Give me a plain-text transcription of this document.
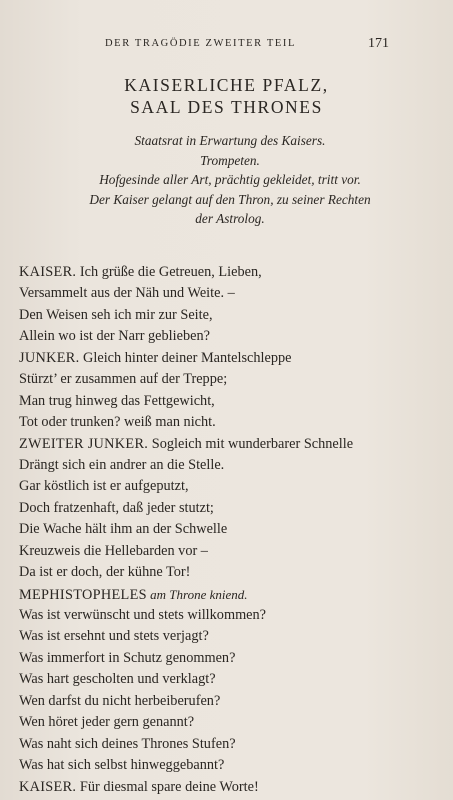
DER TRAGÖDIE ZWEITER TEIL	171
KAISERLICHE PFALZ,
SAAL DES THRONES
Staatsrat in Erwartung des Kaisers.
Trompeten.
Hofgesinde aller Art, prächtig gekleidet, tritt vor.
Der Kaiser gelangt auf den Thron, zu seiner Rechten
der Astrolog.
KAISER. Ich grüße die Getreuen, Lieben,
Versammelt aus der Näh und Weite. –
Den Weisen seh ich mir zur Seite,
Allein wo ist der Narr geblieben?
JUNKER. Gleich hinter deiner Mantelschleppe
Stürzt’ er zusammen auf der Treppe;
Man trug hinweg das Fettgewicht,
Tot oder trunken? weiß man nicht.
ZWEITER JUNKER. Sogleich mit wunderbarer Schnelle
Drängt sich ein andrer an die Stelle.
Gar köstlich ist er aufgeputzt,
Doch fratzenhaft, daß jeder stutzt;
Die Wache hält ihm an der Schwelle
Kreuzweis die Hellebarden vor –
Da ist er doch, der kühne Tor!
MEPHISTOPHELES am Throne kniend.
Was ist verwünscht und stets willkommen?
Was ist ersehnt und stets verjagt?
Was immerfort in Schutz genommen?
Was hart gescholten und verklagt?
Wen darfst du nicht herbeiberufen?
Wen höret jeder gern genannt?
Was naht sich deines Thrones Stufen?
Was hat sich selbst hinweggebannt?
KAISER. Für diesmal spare deine Worte!
